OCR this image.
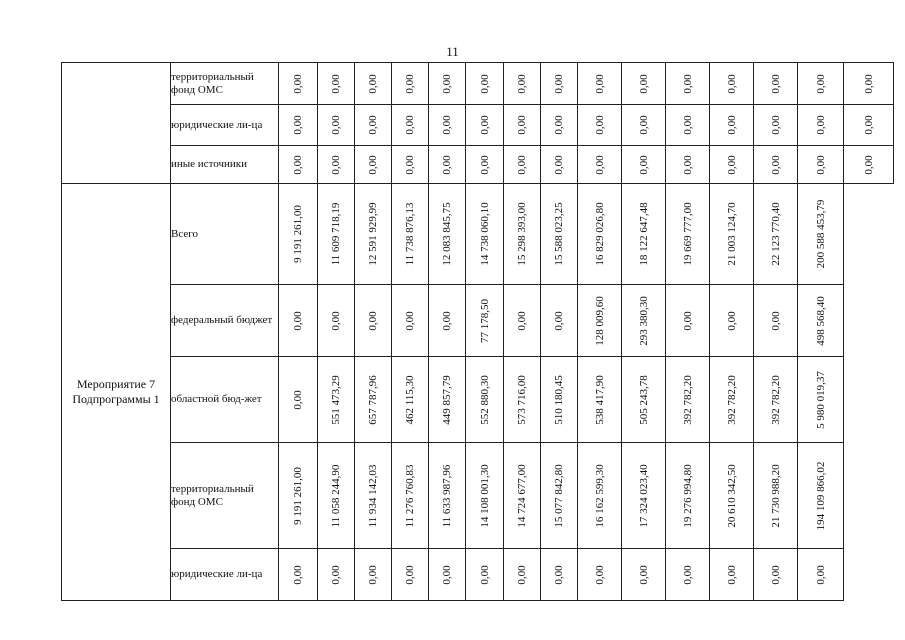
11
	территориальный фонд ОМС	0,00	0,00	0,00	0,00	0,00	0,00	0,00	0,00	0,00	0,00	0,00	0,00	0,00	0,00	0,00

	юридические ли-ца	0,00	0,00	0,00	0,00	0,00	0,00	0,00	0,00	0,00	0,00	0,00	0,00	0,00	0,00	0,00

	иные источники	0,00	0,00	0,00	0,00	0,00	0,00	0,00	0,00	0,00	0,00	0,00	0,00	0,00	0,00	0,00

Мероприятие 7
Подпрограммы 1	Всего	9 191 261,00	11 609 718,19	12 591 929,99	11 738 876,13	12 083 845,75	14 738 060,10	15 298 393,00	15 588 023,25	16 829 026,80	18 122 647,48	19 669 777,00	21 003 124,70	22 123 770,40	200 588 453,79	

	федеральный бюджет	0,00	0,00	0,00	0,00	0,00	77 178,50	0,00	0,00	128 009,60	293 380,30	0,00	0,00	0,00	498 568,40	

	областной бюд-жет	0,00	551 473,29	657 787,96	462 115,30	449 857,79	552 880,30	573 716,00	510 180,45	538 417,90	505 243,78	392 782,20	392 782,20	392 782,20	5 980 019,37	

	территориальный фонд ОМС	9 191 261,00	11 058 244,90	11 934 142,03	11 276 760,83	11 633 987,96	14 108 001,30	14 724 677,00	15 077 842,80	16 162 599,30	17 324 023,40	19 276 994,80	20 610 342,50	21 730 988,20	194 109 866,02	

	юридические ли-ца	0,00	0,00	0,00	0,00	0,00	0,00	0,00	0,00	0,00	0,00	0,00	0,00	0,00	0,00	
